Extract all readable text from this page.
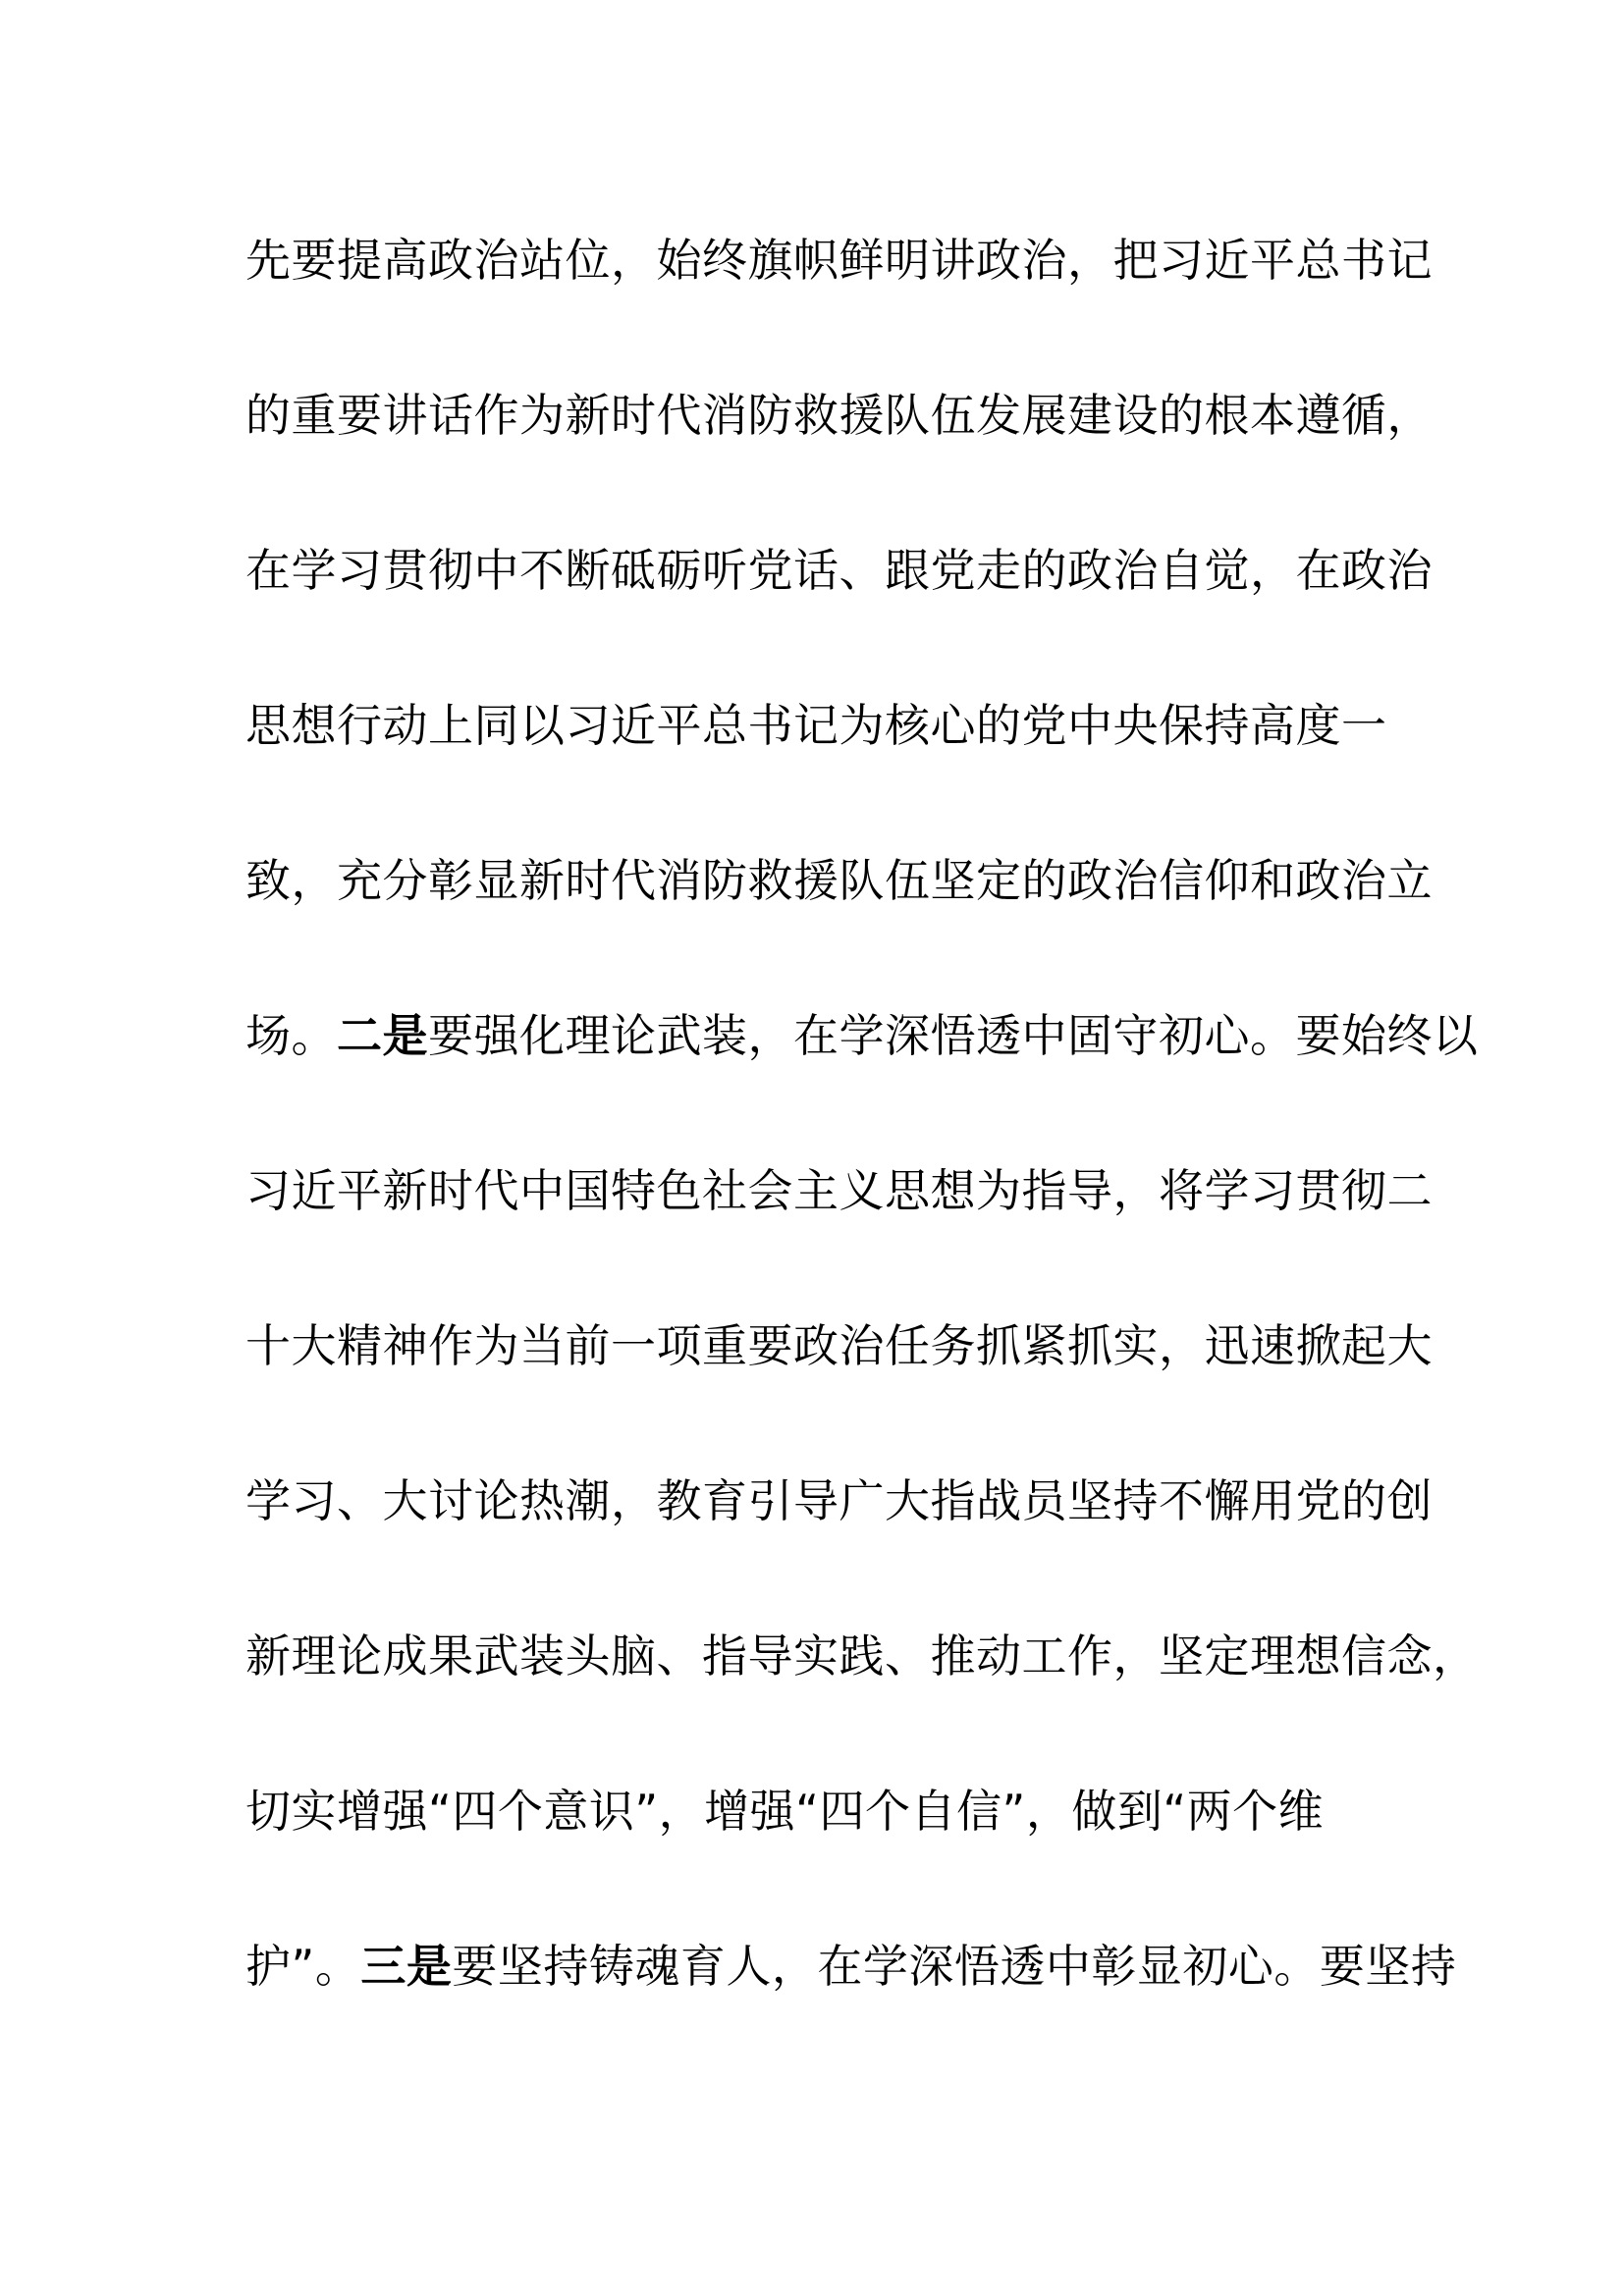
先要提高政治站位，始终旗帜鲜明讲政治，把习近平总书记
的重要讲话作为新时代消防救援队伍发展建设的根本遵循，
在学习贯彻中不断砥砺听党话、跟党走的政治自觉，在政治
思想行动上同以习近平总书记为核心的党中央保持高度一
致，充分彰显新时代消防救援队伍坚定的政治信仰和政治立
场。二是要强化理论武装，在学深悟透中固守初心。要始终以
习近平新时代中国特色社会主义思想为指导，将学习贯彻二
十大精神作为当前一项重要政治任务抓紧抓实，迅速掀起大
学习、大讨论热潮，教育引导广大指战员坚持不懈用党的创
新理论成果武装头脑、指导实践、推动工作，坚定理想信念，
切实增强“四个意识”，增强“四个自信”，做到“两个维
护”。三是要坚持铸魂育人，在学深悟透中彰显初心。要坚持
